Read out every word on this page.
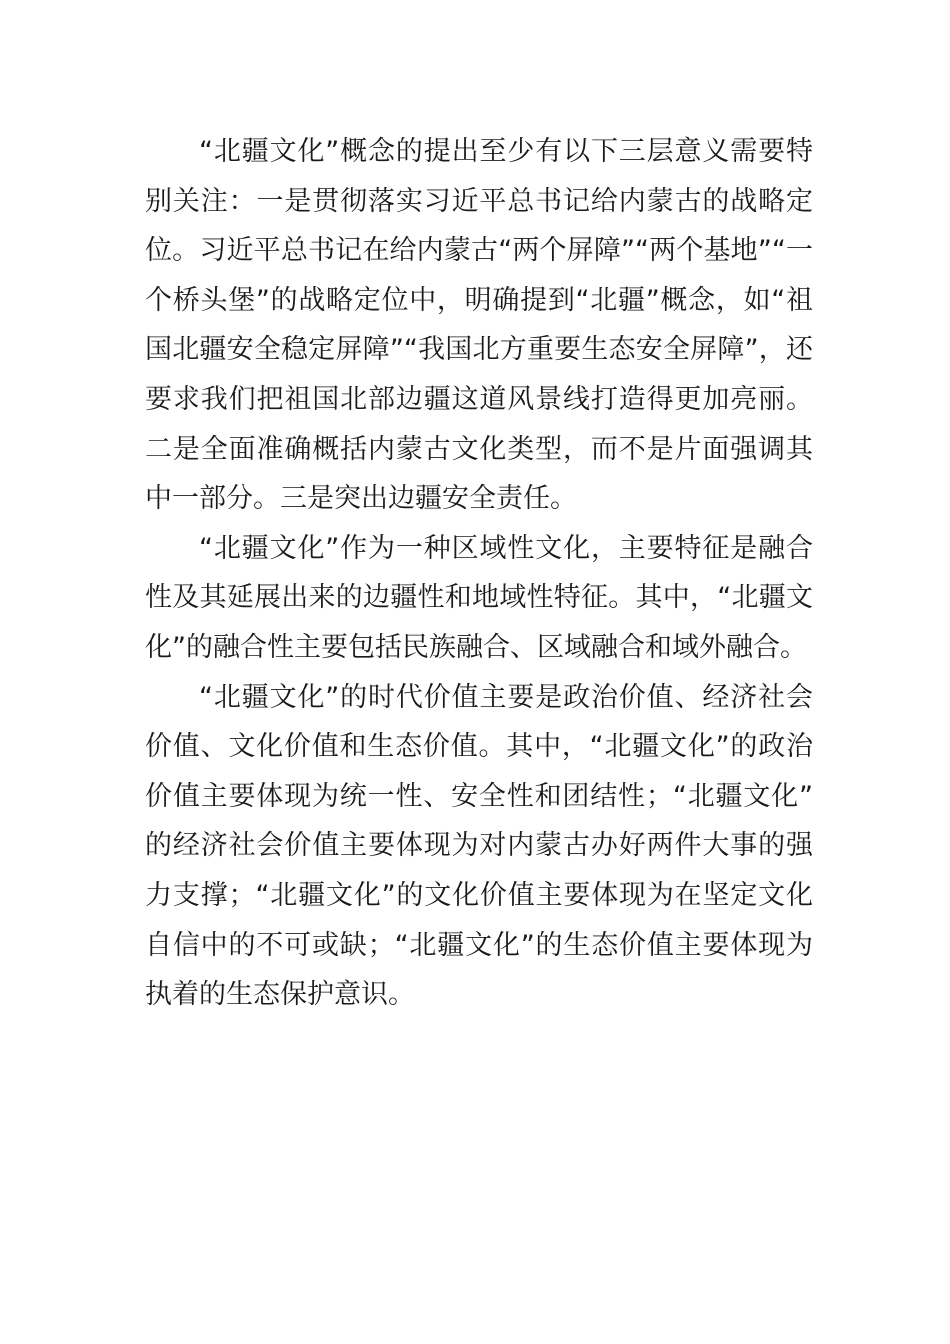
“北疆文化”概念的提出至少有以下三层意义需要特别关注：一是贯彻落实习近平总书记给内蒙古的战略定位。习近平总书记在给内蒙古“两个屏障”“两个基地”“一个桥头堡”的战略定位中，明确提到“北疆”概念，如“祖国北疆安全稳定屏障”“我国北方重要生态安全屏障”，还要求我们把祖国北部边疆这道风景线打造得更加亮丽。二是全面准确概括内蒙古文化类型，而不是片面强调其中一部分。三是突出边疆安全责任。

“北疆文化”作为一种区域性文化，主要特征是融合性及其延展出来的边疆性和地域性特征。其中，“北疆文化”的融合性主要包括民族融合、区域融合和域外融合。

“北疆文化”的时代价值主要是政治价值、经济社会价值、文化价值和生态价值。其中，“北疆文化”的政治价值主要体现为统一性、安全性和团结性；“北疆文化”的经济社会价值主要体现为对内蒙古办好两件大事的强力支撑；“北疆文化”的文化价值主要体现为在坚定文化自信中的不可或缺；“北疆文化”的生态价值主要体现为执着的生态保护意识。
